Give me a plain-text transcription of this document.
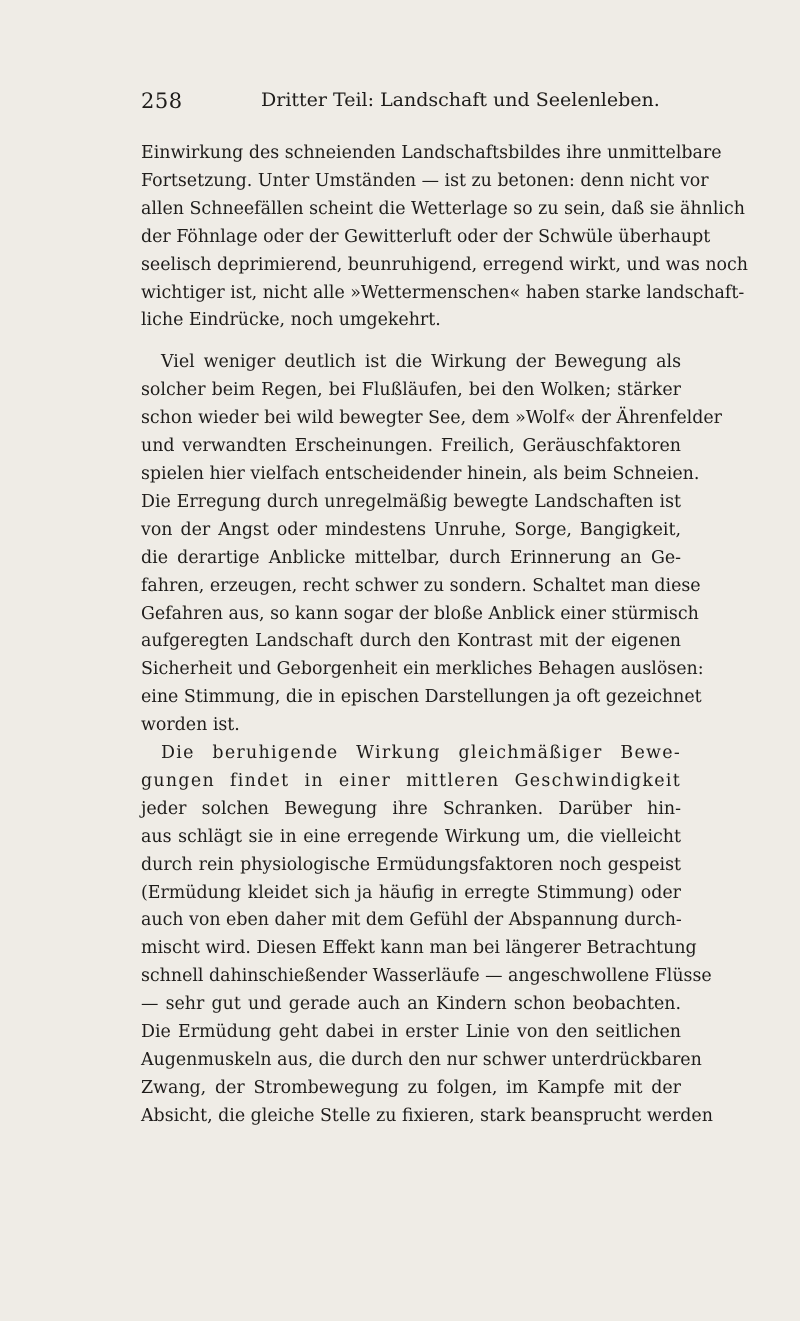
258	Dritter Teil: Landschaft und Seelenleben.

Einwirkung des schneienden Landschaftsbildes ihre unmittelbare
Fortsetzung. Unter Umständen — ist zu betonen: denn nicht vor
allen Schneefällen scheint die Wetterlage so zu sein, daß sie ähnlich
der Föhnlage oder der Gewitterluft oder der Schwüle überhaupt
seelisch deprimierend, beunruhigend, erregend wirkt, und was noch
wichtiger ist, nicht alle »Wettermenschen« haben starke landschaft-
liche Eindrücke, noch umgekehrt.

Viel weniger deutlich ist die Wirkung der Bewegung als
solcher beim Regen, bei Flußläufen, bei den Wolken; stärker
schon wieder bei wild bewegter See, dem »Wolf« der Ährenfelder
und verwandten Erscheinungen. Freilich, Geräuschfaktoren
spielen hier vielfach entscheidender hinein, als beim Schneien.
Die Erregung durch unregelmäßig bewegte Landschaften ist
von der Angst oder mindestens Unruhe, Sorge, Bangigkeit,
die derartige Anblicke mittelbar, durch Erinnerung an Ge-
fahren, erzeugen, recht schwer zu sondern. Schaltet man diese
Gefahren aus, so kann sogar der bloße Anblick einer stürmisch
aufgeregten Landschaft durch den Kontrast mit der eigenen
Sicherheit und Geborgenheit ein merkliches Behagen auslösen:
eine Stimmung, die in epischen Darstellungen ja oft gezeichnet
worden ist.

Die beruhigende Wirkung gleichmäßiger Bewe-
gungen findet in einer mittleren Geschwindigkeit
jeder solchen Bewegung ihre Schranken. Darüber hin-
aus schlägt sie in eine erregende Wirkung um, die vielleicht
durch rein physiologische Ermüdungsfaktoren noch gespeist
(Ermüdung kleidet sich ja häufig in erregte Stimmung) oder
auch von eben daher mit dem Gefühl der Abspannung durch-
mischt wird. Diesen Effekt kann man bei längerer Betrachtung
schnell dahinschießender Wasserläufe — angeschwollene Flüsse
— sehr gut und gerade auch an Kindern schon beobachten.
Die Ermüdung geht dabei in erster Linie von den seitlichen
Augenmuskeln aus, die durch den nur schwer unterdrückbaren
Zwang, der Strombewegung zu folgen, im Kampfe mit der
Absicht, die gleiche Stelle zu fixieren, stark beansprucht werden
